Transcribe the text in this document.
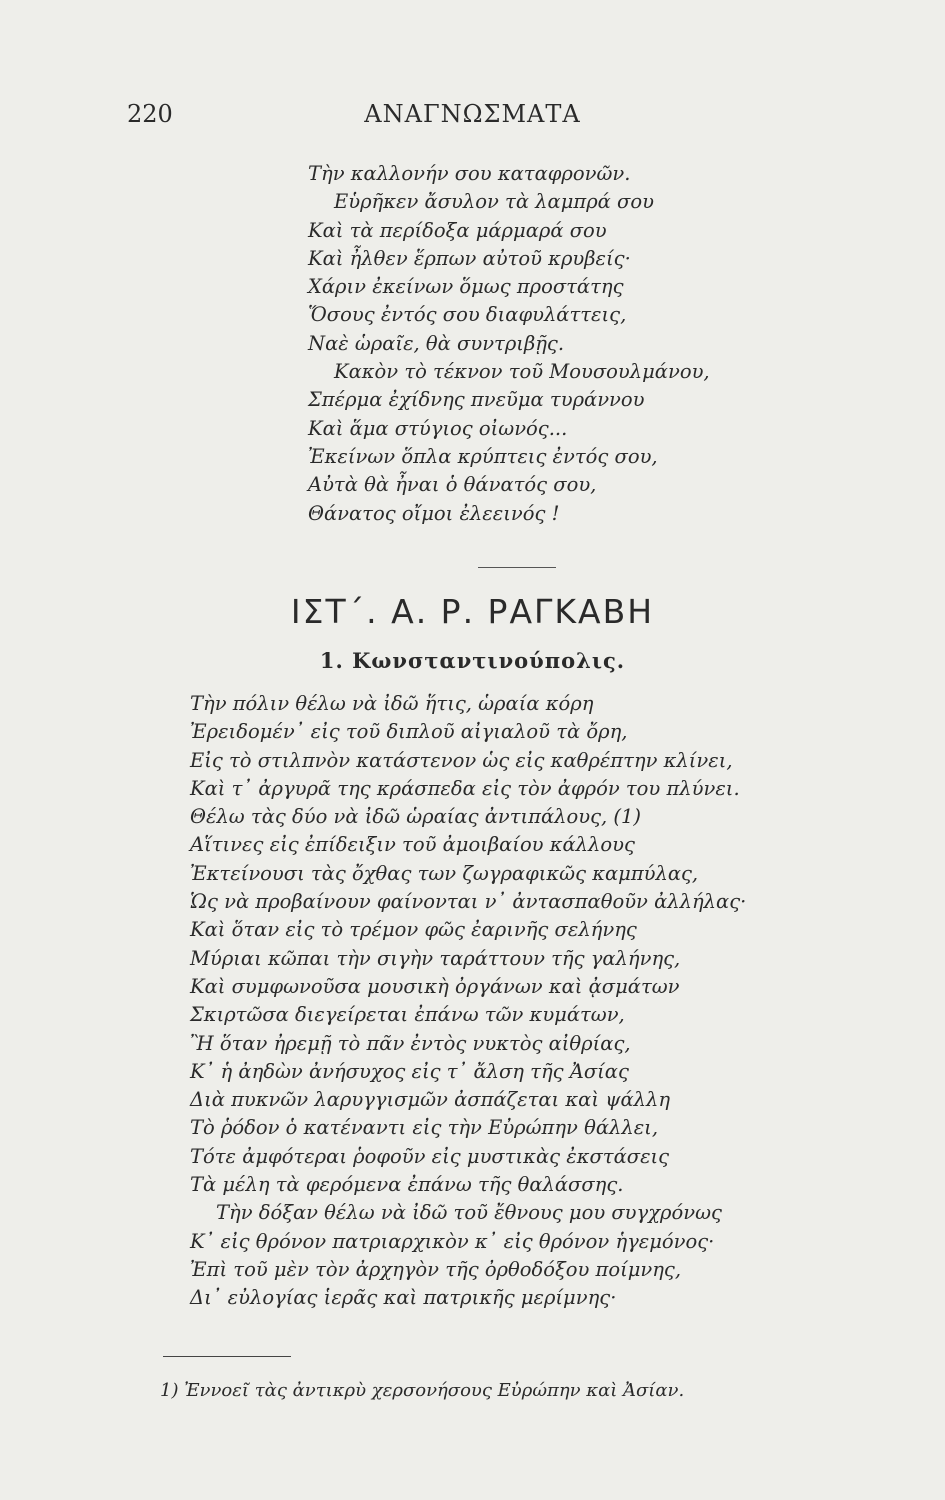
220	ΑΝΑΓΝΩΣΜΑΤΑ
Τὴν καλλονήν σου καταφρονῶν.
Εὑρῆκεν ἄσυλον τὰ λαμπρά σου
Καὶ τὰ περίδοξα μάρμαρά σου
Καὶ ἦλθεν ἕρπων αὐτοῦ κρυβείς·
Χάριν ἐκείνων ὅμως προστάτης
Ὅσους ἐντός σου διαφυλάττεις,
Ναὲ ὡραῖε, θὰ συντριβῇς.
Κακὸν τὸ τέκνον τοῦ Μουσουλμάνου,
Σπέρμα ἐχίδνης πνεῦμα τυράννου
Καὶ ἅμα στύγιος οἰωνός...
Ἐκείνων ὅπλα κρύπτεις ἐντός σου,
Αὐτὰ θὰ ἦναι ὁ θάνατός σου,
Θάνατος οἴμοι ἐλεεινός !
ΙΣΤ΄. Α. Ρ. ΡΑΓΚΑΒΗ
1. Κωνσταντινούπολις.
Τὴν πόλιν θέλω νὰ ἰδῶ ἥτις, ὡραία κόρη
Ἐρειδομέν᾿ εἰς τοῦ διπλοῦ αἰγιαλοῦ τὰ ὄρη,
Εἰς τὸ στιλπνὸν κατάστενον ὡς εἰς καθρέπτην κλίνει,
Καὶ τ᾿ ἀργυρᾶ της κράσπεδα εἰς τὸν ἀφρόν του πλύνει.
Θέλω τὰς δύο νὰ ἰδῶ ὡραίας ἀντιπάλους, (1)
Αἵτινες εἰς ἐπίδειξιν τοῦ ἀμοιβαίου κάλλους
Ἐκτείνουσι τὰς ὄχθας των ζωγραφικῶς καμπύλας,
Ὡς νὰ προβαίνουν φαίνονται ν᾿ ἀντασπαθοῦν ἀλλήλας·
Καὶ ὅταν εἰς τὸ τρέμον φῶς ἐαρινῆς σελήνης
Μύριαι κῶπαι τὴν σιγὴν ταράττουν τῆς γαλήνης,
Καὶ συμφωνοῦσα μουσικὴ ὀργάνων καὶ ᾀσμάτων
Σκιρτῶσα διεγείρεται ἐπάνω τῶν κυμάτων,
Ἢ ὅταν ἠρεμῇ τὸ πᾶν ἐντὸς νυκτὸς αἰθρίας,
Κ᾿ ἡ ἀηδὼν ἀνήσυχος εἰς τ᾿ ἄλση τῆς Ἀσίας
Διὰ πυκνῶν λαρυγγισμῶν ἀσπάζεται καὶ ψάλλη
Τὸ ῥόδον ὁ κατέναντι εἰς τὴν Εὐρώπην θάλλει,
Τότε ἀμφότεραι ῥοφοῦν εἰς μυστικὰς ἐκστάσεις
Τὰ μέλη τὰ φερόμενα ἐπάνω τῆς θαλάσσης.
Τὴν δόξαν θέλω νὰ ἰδῶ τοῦ ἔθνους μου συγχρόνως
Κ᾿ εἰς θρόνον πατριαρχικὸν κ᾿ εἰς θρόνον ἡγεμόνος·
Ἐπὶ τοῦ μὲν τὸν ἀρχηγὸν τῆς ὀρθοδόξου ποίμνης,
Δι᾿ εὐλογίας ἱερᾶς καὶ πατρικῆς μερίμνης·
1) Ἐννοεῖ τὰς ἀντικρὺ χερσονήσους Εὐρώπην καὶ Ἀσίαν.
